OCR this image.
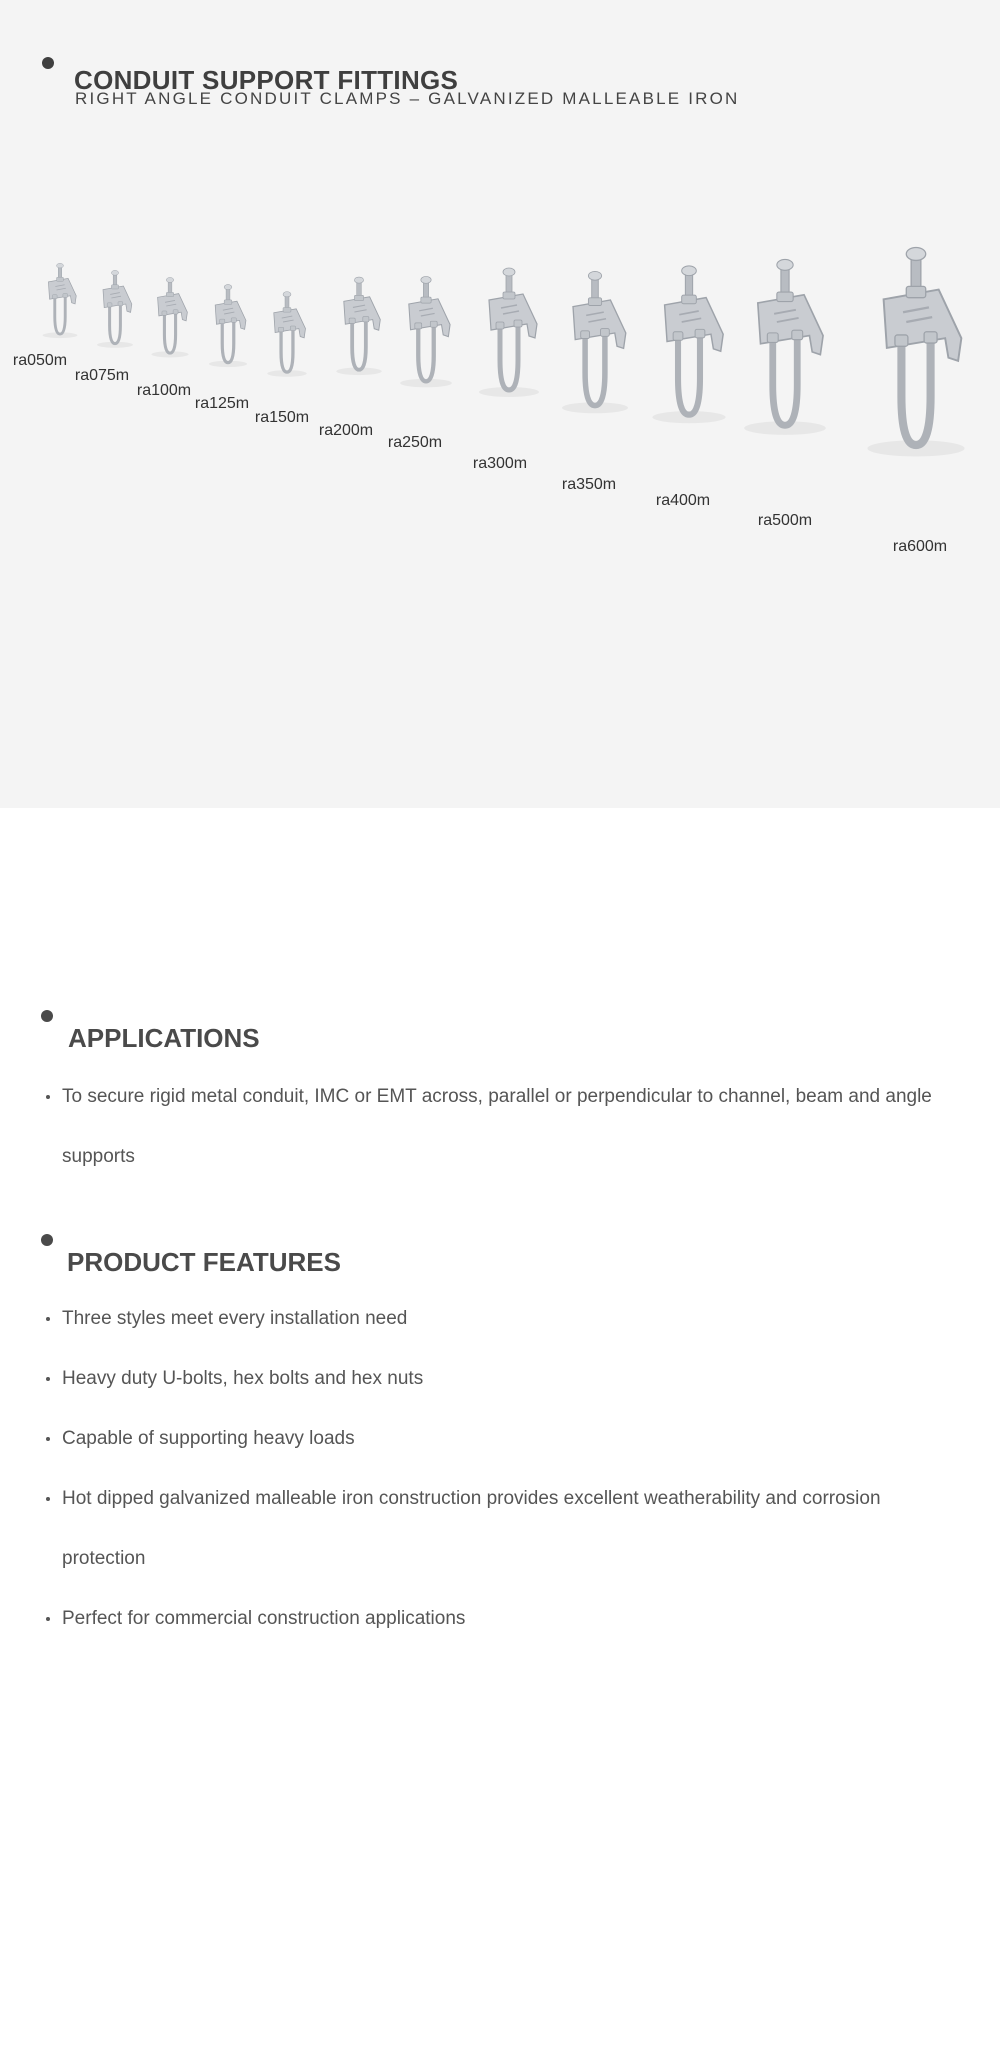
CONDUIT SUPPORT FITTINGS
RIGHT ANGLE CONDUIT CLAMPS – GALVANIZED MALLEABLE IRON
ra050m
ra075m
ra100m
ra125m
ra150m
ra200m
ra250m
ra300m
ra350m
ra400m
ra500m
ra600m
APPLICATIONS
To secure rigid metal conduit, IMC or EMT across, parallel or perpendicular to channel, beam and angle supports
PRODUCT FEATURES
Three styles meet every installation need
Heavy duty U-bolts, hex bolts and hex nuts
Capable of supporting heavy loads
Hot dipped galvanized malleable iron construction provides excellent weatherability and corrosion protection
Perfect for commercial construction applications
